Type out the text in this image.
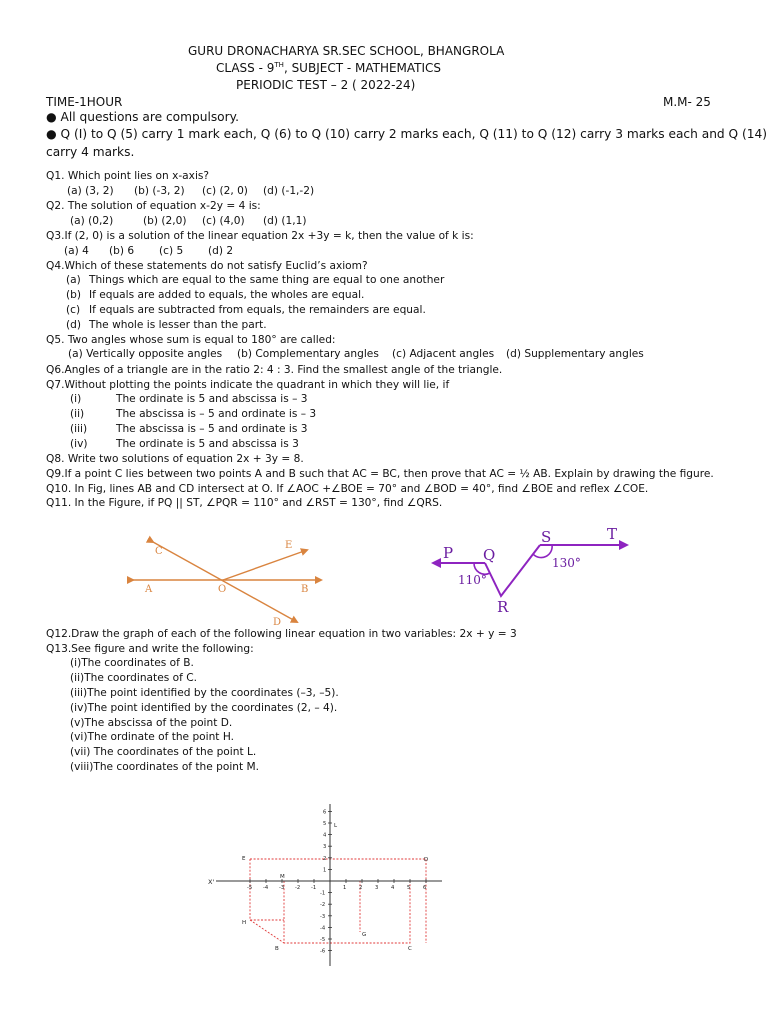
GURU DRONACHARYA SR.SEC SCHOOL, BHANGROLA
CLASS - 9TH, SUBJECT - MATHEMATICS
PERIODIC TEST – 2 ( 2022-24)
TIME-1HOUR	M.M- 25
● All questions are compulsory.
● Q (I) to Q (5) carry 1 mark each, Q (6) to Q (10) carry 2 marks each, Q (11) to Q (12) carry 3 marks each and Q (14)
carry 4 marks.
Q1. Which point lies on x-axis?
(a) (3, 2) (b) (-3, 2) (c) (2, 0) (d) (-1,-2)
Q2. The solution of equation x-2y = 4 is:
(a) (0,2)	(b) (2,0) (c) (4,0) (d) (1,1)
Q3.If (2, 0) is a solution of the linear equation 2x +3y = k, then the value of k is:
(a) 4 (b) 6 (c) 5 (d) 2
Q4.Which of these statements do not satisfy Euclid’s axiom?
(a) Things which are equal to the same thing are equal to one another
(b) If equals are added to equals, the wholes are equal.
(c) If equals are subtracted from equals, the remainders are equal.
(d) The whole is lesser than the part.
Q5. Two angles whose sum is equal to 180° are called:
(a) Vertically opposite angles (b) Complementary angles (c) Adjacent angles (d) Supplementary angles
Q6.Angles of a triangle are in the ratio 2: 4 : 3. Find the smallest angle of the triangle.
Q7.Without plotting the points indicate the quadrant in which they will lie, if
(i)	The ordinate is 5 and abscissa is – 3
(ii)	The abscissa is – 5 and ordinate is – 3
(iii)	The abscissa is – 5 and ordinate is 3
(iv)	The ordinate is 5 and abscissa is 3
Q8. Write two solutions of equation 2x + 3y = 8.
Q9.If a point C lies between two points A and B such that AC = BC, then prove that AC = ½ AB. Explain by drawing the figure.
Q10. In Fig, lines AB and CD intersect at O. If ∠AOC +∠BOE = 70° and ∠BOD = 40°, find ∠BOE and reflex ∠COE.
Q11. In the Figure, if PQ || ST, ∠PQR = 110° and ∠RST = 130°, find ∠QRS.
C
E
A	O	B
D
P Q
S	T
R
110°
130°
Q12.Draw the graph of each of the following linear equation in two variables: 2x + y = 3
Q13.See figure and write the following:
(i)The coordinates of B.
(ii)The coordinates of C.
(iii)The point identified by the coordinates (–3, –5).
(iv)The point identified by the coordinates (2, – 4).
(v)The abscissa of the point D.
(vi)The ordinate of the point H.
(vii) The coordinates of the point L.
(viii)The coordinates of the point M.
X'
L
E	D
M
H
G
B	C
-5 -4 -3 -2 -1	1 2 3 4 5 6
6
5
4
3
2
1
-1
-2
-3
-4
-5
-6
